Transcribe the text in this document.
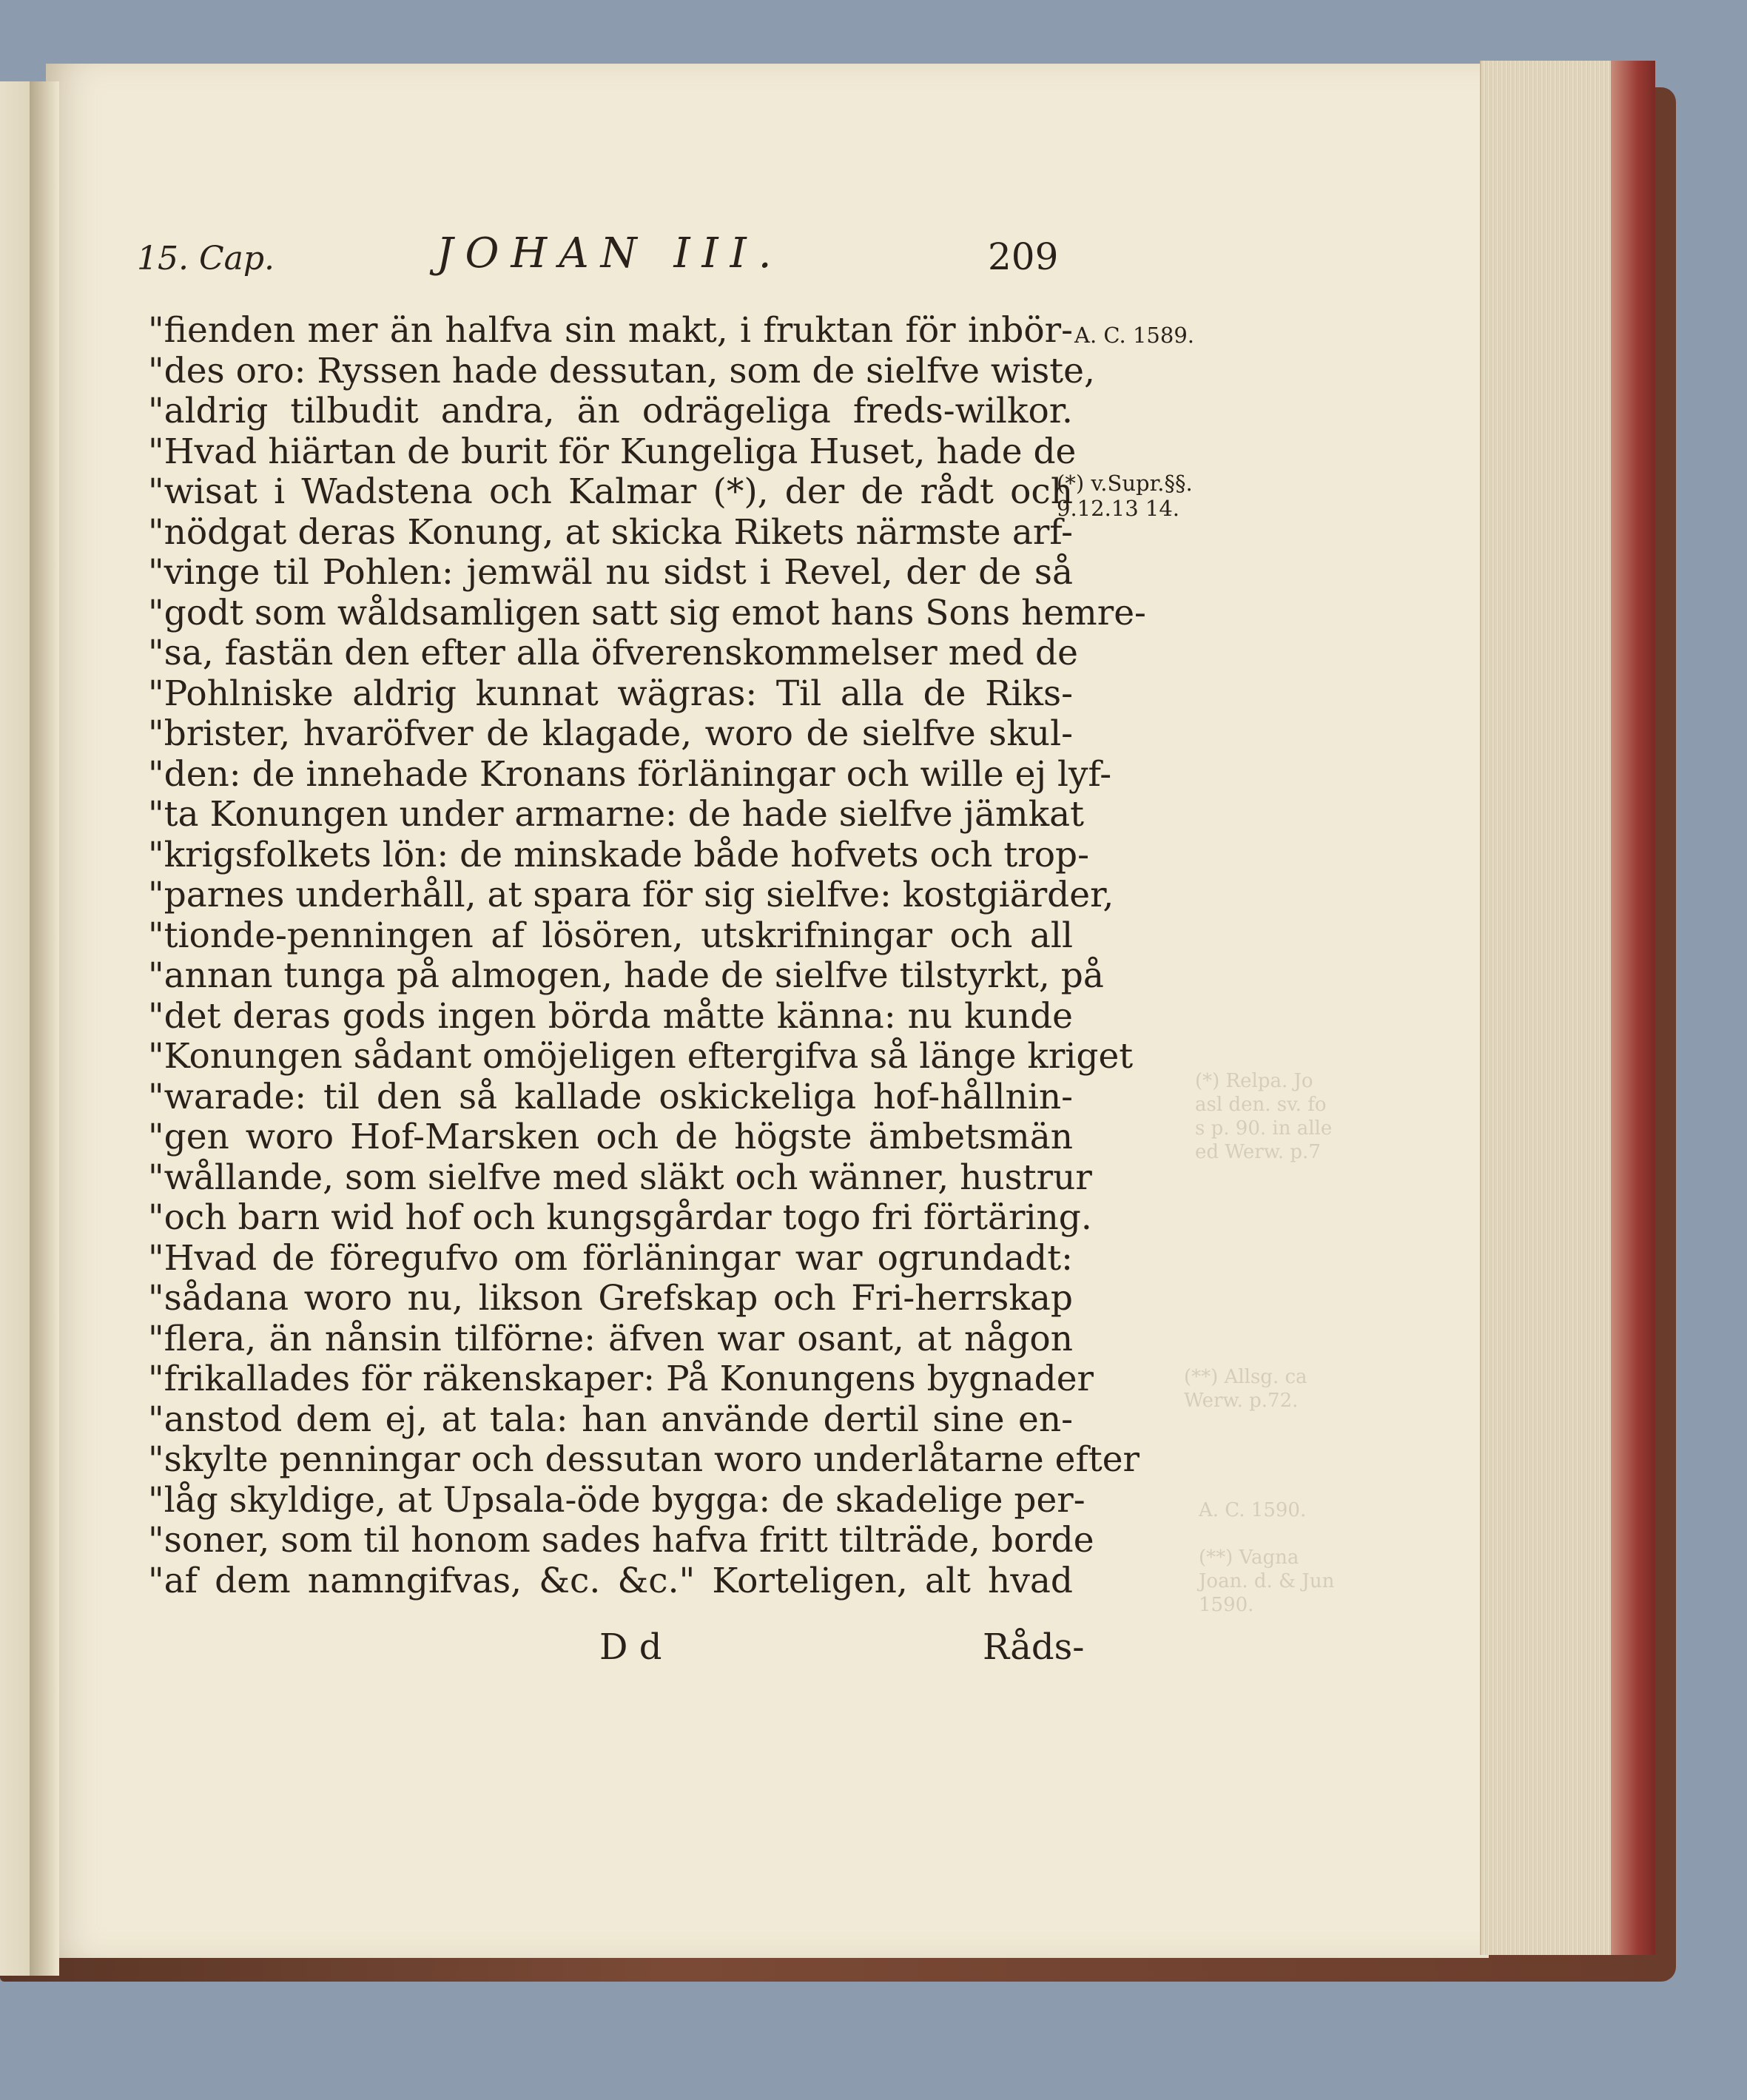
(*) Relpa. Jo
asl den. sv. fo
s p. 90. in alle
ed Werw. p.7
(**) Allsg. ca
Werw. p.72.
A. C. 1590.

(**) Vagna
Joan. d. & Jun
1590.
15. Cap.	JOHAN III.	209
A. C. 1589.
(*) v.Supr.§§.
9.12.13 14.
"fienden mer än halfva sin makt, i fruktan för inbör-
"des oro: Ryssen hade dessutan, som de sielfve wiste,
"aldrig tilbudit andra, än odrägeliga freds-wilkor.
"Hvad hiärtan de burit för Kungeliga Huset, hade de
"wisat i Wadstena och Kalmar (*), der de rådt och
"nödgat deras Konung, at skicka Rikets närmste arf-
"vinge til Pohlen: jemwäl nu sidst i Revel, der de så
"godt som wåldsamligen satt sig emot hans Sons hemre-
"sa, fastän den efter alla öfverenskommelser med de
"Pohlniske aldrig kunnat wägras: Til alla de Riks-
"brister, hvaröfver de klagade, woro de sielfve skul-
"den: de innehade Kronans förläningar och wille ej lyf-
"ta Konungen under armarne: de hade sielfve jämkat
"krigsfolkets lön: de minskade både hofvets och trop-
"parnes underhåll, at spara för sig sielfve: kostgiärder,
"tionde-penningen af lösören, utskrifningar och all
"annan tunga på almogen, hade de sielfve tilstyrkt, på
"det deras gods ingen börda måtte känna: nu kunde
"Konungen sådant omöjeligen eftergifva så länge kriget
"warade: til den så kallade oskickeliga hof-hållnin-
"gen woro Hof-Marsken och de högste ämbetsmän
"wållande, som sielfve med släkt och wänner, hustrur
"och barn wid hof och kungsgårdar togo fri förtäring.
"Hvad de föregufvo om förläningar war ogrundadt:
"sådana woro nu, likson Grefskap och Fri-herrskap
"flera, än nånsin tilförne: äfven war osant, at någon
"frikallades för räkenskaper: På Konungens bygnader
"anstod dem ej, at tala: han använde dertil sine en-
"skylte penningar och dessutan woro underlåtarne efter
"låg skyldige, at Upsala-öde bygga: de skadelige per-
"soner, som til honom sades hafva fritt tilträde, borde
"af dem namngifvas, &c. &c." Korteligen, alt hvad
D d	Råds-
